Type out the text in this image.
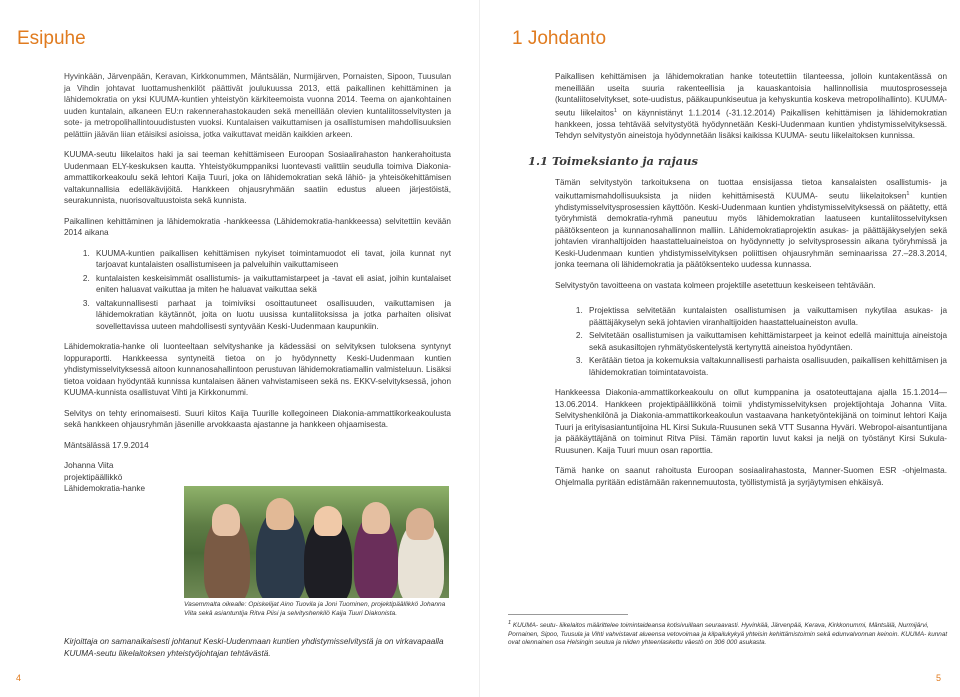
Esipuhe

Hyvinkään, Järvenpään, Keravan, Kirkkonummen, Mäntsälän, Nurmijärven, Pornaisten, Sipoon, Tuusulan ja Vihdin johtavat luottamushenkilöt päättivät joulukuussa 2013, että paikallinen kehittäminen ja lähidemokratia on yksi KUUMA-kuntien yhteistyön kärkiteemoista vuonna 2014. Teema on ajankohtainen uuden kuntalain, alkaneen EU:n rakennerahastokauden sekä meneillään olevien kuntaliitosselvitysten ja sote- ja metropolihallintouudistusten vuoksi. Kuntalaisen vaikuttamisen ja osallistumisen mahdollisuuksien pelättiin jäävän liian etäisiksi asioissa, jotka vaikuttavat meidän kaikkien arkeen.

KUUMA-seutu liikelaitos haki ja sai teeman kehittämiseen Euroopan Sosiaalirahaston hankerahoitusta Uudenmaan ELY-keskuksen kautta. Yhteistyökumppaniksi luontevasti valittiin seudulla toimiva Diakonia-ammattikorkeakoulu sekä lehtori Kaija Tuuri, joka on lähidemokratian sekä lähiö- ja yhteisökehittämisen valtakunnallisia edelläkävijöitä. Hankkeen ohjausryhmään saatiin edustus alueen järjestöistä, seurakunnista, nuorisovaltuustoista sekä kunnista.

Paikallinen kehittäminen ja lähidemokratia -hankkeessa (Lähidemokratia-hankkeessa) selvitettiin kevään 2014 aikana

1. KUUMA-kuntien paikallisen kehittämisen nykyiset toimintamuodot eli tavat, joila kunnat nyt tarjoavat kuntalaisten osallistumiseen ja palveluihin vaikuttamiseen
2. kuntalaisten keskeisimmät osallistumis- ja vaikuttamistarpeet ja -tavat eli asiat, joihin kuntalaiset eniten haluavat vaikuttaa ja miten he haluavat vaikuttaa sekä
3. valtakunnallisesti parhaat ja toimiviksi osoittautuneet osallisuuden, vaikuttamisen ja lähidemokratian käytännöt, joita on luotu uusissa kuntaliitoksissa ja jotka parhaiten olisivat sovellettavissa uuteen mahdollisesti syntyvään Keski-Uudenmaan kaupunkiin.

Lähidemokratia-hanke oli luonteeltaan selvityshanke ja kädessäsi on selvityksen tuloksena syntynyt loppuraportti. Hankkeessa syntyneitä tietoa on jo hyödynnetty Keski-Uudenmaan kuntien yhdistymisselvityksessä aitoon kunnanosahallintoon perustuvan lähidemokratiamallin valmisteluun. Lisäksi tietoa voidaan hyödyntää kunnissa kuntalaisen äänen vahvistamiseen sekä ns. EKKV-selvityksessä, johon KUUMA-kunnista osallistuvat Vihti ja Kirkkonummi.

Selvitys on tehty erinomaisesti. Suuri kiitos Kaija Tuurille kollegoineen Diakonia-ammattikorkeakoulusta sekä hankkeen ohjausryhmän jäsenille arvokkaasta ajastanne ja hankkeen ohjaamisesta.

Mäntsälässä 17.9.2014

Johanna Viita

projektipäällikkö

Lähidemokratia-hanke

Vasemmalta oikealle: Opiskelijat Aino Tuovila ja Joni Tuominen, projektipäällikkö Johanna Viita sekä asiantuntija Ritva Piisi ja selvityshenkilö Kaija Tuuri Diakonista.
Kirjoittaja on samanaikaisesti johtanut Keski-Uudenmaan kuntien yhdistymisselvitystä ja on virkavapaalla KUUMA-seutu liikelaitoksen yhteistyöjohtajan tehtävästä.
4
1 Johdanto

Paikallisen kehittämisen ja lähidemokratian hanke toteutettiin tilanteessa, jolloin kuntakentässä on meneillään useita suuria rakenteellisia ja kauaskantoisia hallinnollisia muutosprosesseja (kuntaliitoselvitykset, sote-uudistus, pääkaupunkiseutua ja kehyskuntia koskeva metropolihallinto). KUUMA-seutu liikelaitos$^1$ on käynnistänyt 1.1.2014 (-31.12.2014) Paikallisen kehittämisen ja lähidemokratian hankkeen, jossa tehtävää selvitystyötä hyödynnetään Keski-Uudenmaan kuntien yhdistymisselvityksessä. Tehdyn selvitystyön aineistoja hyödynnetään lisäksi kaikissa KUUMA- seutu liikelaitoksen kunnissa.

1.1 Toimeksianto ja rajaus

Tämän selvitystyön tarkoituksena on tuottaa ensisijassa tietoa kansalaisten osallistumis- ja vaikuttamismahdollisuuksista ja niiden kehittämisestä KUUMA- seutu liikelaitoksen$^1$ kuntien yhdistymisselvitysprosessien käyttöön. Keski-Uudenmaan kuntien yhdistymisselvityksessä on päätetty, että työryhmistä demokratia-ryhmä paneutuu myös lähidemokratian laatuseen kuntaliitosselvityksen päätöksenteon ja kunnanosahallinnon malliin. Lähidemokratiaprojektin asukas- ja päättäjäkyselyjen sekä johtavien viranhaltijoiden haastatteluaineistoa on hyödynnetty jo selvitysprosessin aikana työryhmissä ja Keski-Uudenmaan kuntien yhdistymisselvityksen poliittisen ohjausryhmän seminaarissa 27.–28.3.2014, jonka teemana oli lähidemokratia ja päätöksenteko uudessa kunnassa.

Selvitystyön tavoitteena on vastata kolmeen projektille asetettuun keskeiseen tehtävään.

1. Projektissa selvitetään kuntalaisten osallistumisen ja vaikuttamisen nykytilaa asukas- ja päättäjäkyselyn sekä johtavien viranhaltijoiden haastatteluaineiston avulla.
2. Selvitetään osallistumisen ja vaikuttamisen kehittämistarpeet ja keinot edellä mainittuja aineistoja sekä asukasiltojen ryhmätyöskentelystä kertynyttä aineistoa hyödyntäen.
3. Kerätään tietoa ja kokemuksia valtakunnallisesti parhaista osallisuuden, paikallisen kehittämisen ja lähidemokratian toimintatavoista.

Hankkeessa Diakonia-ammattikorkeakoulu on ollut kumppanina ja osatoteuttajana ajalla 15.1.2014—13.06.2014. Hankkeen projektipäällikkönä toimii yhdistymisselvityksen projektijohtaja Johanna Viita. Selvityshenkilönä ja Diakonia-ammattikorkeakoulun vastaavana hanketyöntekijänä on toiminut lehtori Kaija Tuuri ja erityisasiantuntijoina HL Kirsi Sukula-Ruusunen sekä VTT Susanna Hyväri. Webropol-aisantuntijana ja pääkäyttäjänä on toiminut Ritva Piisi. Tämän raportin luvut kaksi ja neljä on työstänyt Kirsi Sukula-Ruusunen. Kaija Tuuri muun osan raporttia.

Tämä hanke on saanut rahoitusta Euroopan sosiaalirahastosta, Manner-Suomen ESR -ohjelmasta. Ohjelmalla pyritään edistämään rakennemuutosta, työllistymistä ja syrjäytymisen ehkäisyä.

$^1$ KUUMA- seutu- liikelaitos määrittelee toimintaideansa kotisivuillaan seuraavasti. Hyvinkää, Järvenpää, Kerava, Kirkkonummi, Mäntsälä, Nurmijärvi, Pornainen, Sipoo, Tuusula ja Vihti vahvistavat alueensa vetovoimaa ja kilpailukykyä yhteisin kehittämistoimin sekä edunvalvonnan keinoin. KUUMA- kunnat ovat olennainen osa Helsingin seutua ja niiden yhteenlaskettu väestö on 306 000 asukasta.
5
